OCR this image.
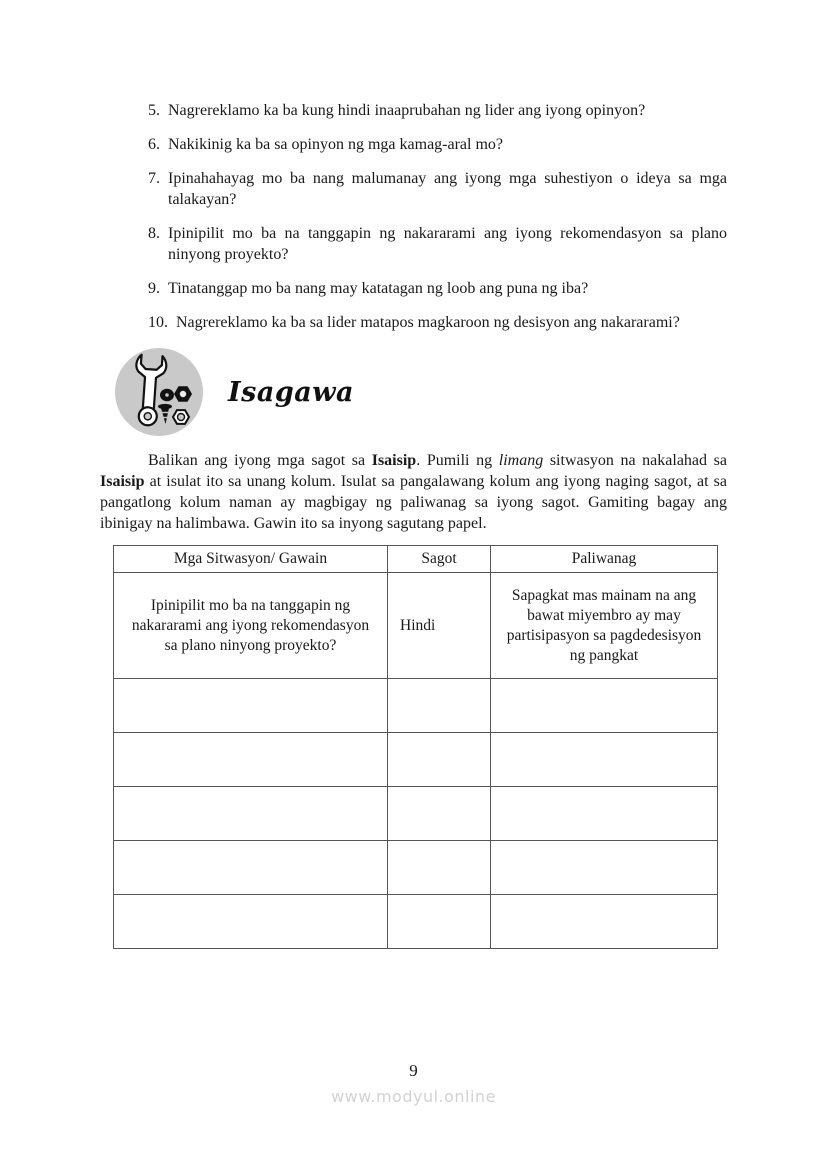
5. Nagrereklamo ka ba kung hindi inaaprubahan ng lider ang iyong opinyon?
6. Nakikinig ka ba sa opinyon ng mga kamag-aral mo?
7. Ipinahahayag mo ba nang malumanay ang iyong mga suhestiyon o ideya sa mga talakayan?
8. Ipinipilit mo ba na tanggapin ng nakararami ang iyong rekomendasyon sa plano ninyong proyekto?
9. Tinatanggap mo ba nang may katatagan ng loob ang puna ng iba?
10. Nagrereklamo ka ba sa lider matapos magkaroon ng desisyon ang nakararami?
Isagawa

Balikan ang iyong mga sagot sa Isaisip. Pumili ng limang sitwasyon na nakalahad sa Isaisip at isulat ito sa unang kolum. Isulat sa pangalawang kolum ang iyong naging sagot, at sa pangatlong kolum naman ay magbigay ng paliwanag sa iyong sagot. Gamiting bagay ang ibinigay na halimbawa. Gawin ito sa inyong sagutang papel.

Mga Sitwasyon/ Gawain	Sagot	Paliwanag
Ipinipilit mo ba na tanggapin ng nakararami ang iyong rekomendasyon sa plano ninyong proyekto?	Hindi	Sapagkat mas mainam na ang bawat miyembro ay may partisipasyon sa pagdedesisyon ng pangkat

9
www.modyul.online
